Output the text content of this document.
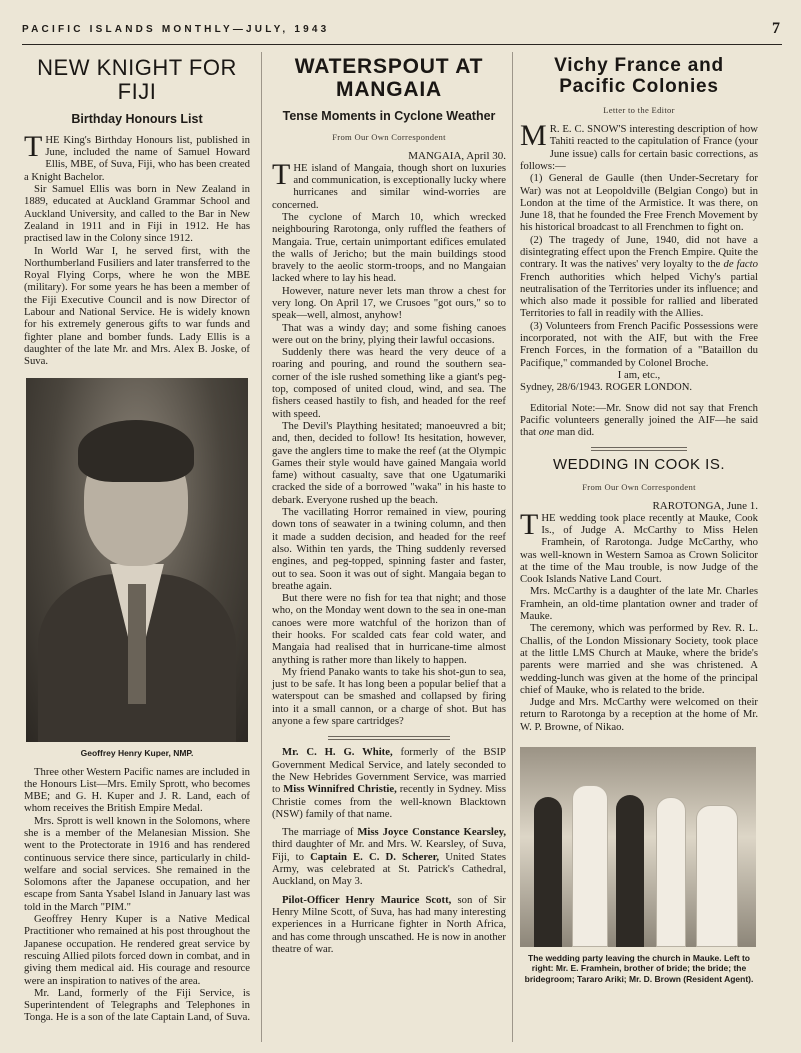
PACIFIC ISLANDS MONTHLY—JULY, 1943	7
NEW KNIGHT FOR FIJI
Birthday Honours List

THE King's Birthday Honours list, published in June, included the name of Samuel Howard Ellis, MBE, of Suva, Fiji, who has been created a Knight Bachelor.

Sir Samuel Ellis was born in New Zealand in 1889, educated at Auckland Grammar School and Auckland University, and called to the Bar in New Zealand in 1911 and in Fiji in 1912. He has practised law in the Colony since 1912.

In World War I, he served first, with the Northumberland Fusiliers and later transferred to the Royal Flying Corps, where he won the MBE (military). For some years he has been a member of the Fiji Executive Council and is now Director of Labour and National Service. He is widely known for his extremely generous gifts to war funds and fighter plane and bomber funds. Lady Ellis is a daughter of the late Mr. and Mrs. Alex B. Joske, of Suva.

Geoffrey Henry Kuper, NMP.

Three other Western Pacific names are included in the Honours List—Mrs. Emily Sprott, who becomes MBE; and G. H. Kuper and J. R. Land, each of whom receives the British Empire Medal.

Mrs. Sprott is well known in the Solomons, where she is a member of the Melanesian Mission. She went to the Protectorate in 1916 and has rendered continuous service there since, particularly in child-welfare and social services. She remained in the Solomons after the Japanese occupation, and her escape from Santa Ysabel Island in January last was told in the March "PIM."

Geoffrey Henry Kuper is a Native Medical Practitioner who remained at his post throughout the Japanese occupation. He rendered great service by rescuing Allied pilots forced down in combat, and in giving them medical aid. His courage and resource were an inspiration to natives of the area.

Mr. Land, formerly of the Fiji Service, is Superintendent of Telegraphs and Telephones in Tonga. He is a son of the late Captain Land, of Suva.

WATERSPOUT AT MANGAIA
Tense Moments in Cyclone Weather
From Our Own Correspondent
MANGAIA, April 30.

THE island of Mangaia, though short on luxuries and communication, is exceptionally lucky where hurricanes and similar wind-worries are concerned.

The cyclone of March 10, which wrecked neighbouring Rarotonga, only ruffled the feathers of Mangaia. True, certain unimportant edifices emulated the walls of Jericho; but the main buildings stood bravely to the aeolic storm-troops, and no Mangaian lacked where to lay his head.

However, nature never lets man throw a chest for very long. On April 17, we Crusoes "got ours," so to speak—well, almost, anyhow!

That was a windy day; and some fishing canoes were out on the briny, plying their lawful occasions.

Suddenly there was heard the very deuce of a roaring and pouring, and round the southern sea-corner of the isle rushed something like a giant's peg-top, composed of united cloud, wind, and sea. The fishers ceased hastily to fish, and headed for the reef with speed.

The Devil's Plaything hesitated; manoeuvred a bit; and, then, decided to follow! Its hesitation, however, gave the anglers time to make the reef (at the Olympic Games their style would have gained Mangaia world fame) without casualty, save that one Ugatumariki cracked the side of a borrowed "waka" in his haste to debark. Everyone rushed up the beach.

The vacillating Horror remained in view, pouring down tons of seawater in a twining column, and then it made a sudden decision, and headed for the reef also. Within ten yards, the Thing suddenly reversed engines, and peg-topped, spinning faster and faster, out to sea. Soon it was out of sight. Mangaia began to breathe again.

But there were no fish for tea that night; and those who, on the Monday went down to the sea in one-man canoes were more watchful of the horizon than of their hooks. For scalded cats fear cold water, and Mangaia had realised that in hurricane-time almost anything is rather more than likely to happen.

My friend Panako wants to take his shot-gun to sea, just to be safe. It has long been a popular belief that a waterspout can be smashed and collapsed by firing into it a small cannon, or a charge of shot. But has anyone a few spare cartridges?

Mr. C. H. G. White, formerly of the BSIP Government Medical Service, and lately seconded to the New Hebrides Government Service, was married to Miss Winnifred Christie, recently in Sydney. Miss Christie comes from the well-known Blacktown (NSW) family of that name.

The marriage of Miss Joyce Constance Kearsley, third daughter of Mr. and Mrs. W. Kearsley, of Suva, Fiji, to Captain E. C. D. Scherer, United States Army, was celebrated at St. Patrick's Cathedral, Auckland, on May 3.

Pilot-Officer Henry Maurice Scott, son of Sir Henry Milne Scott, of Suva, has had many interesting experiences in a Hurricane fighter in North Africa, and has come through unscathed. He is now in another theatre of war.

Vichy France and Pacific Colonies
Letter to the Editor

M R. E. C. SNOW'S interesting description of how Tahiti reacted to the capitulation of France (your June issue) calls for certain basic corrections, as follows:—

(1) General de Gaulle (then Under-Secretary for War) was not at Leopoldville (Belgian Congo) but in London at the time of the Armistice. It was there, on June 18, that he founded the Free French Movement by his historical broadcast to all Frenchmen to fight on.

(2) The tragedy of June, 1940, did not have a disintegrating effect upon the French Empire. Quite the contrary. It was the natives' very loyalty to the de facto French authorities which helped Vichy's partial neutralisation of the Territories under its influence; and which also made it possible for rallied and liberated Territories to fall in readily with the Allies.

(3) Volunteers from French Pacific Possessions were incorporated, not with the AIF, but with the Free French Forces, in the formation of a "Bataillon du Pacifique," commanded by Colonel Broche.

I am, etc.,
Sydney, 28/6/1943. ROGER LONDON.

Editorial Note:—Mr. Snow did not say that French Pacific volunteers generally joined the AIF—he said that one man did.

WEDDING IN COOK IS.
From Our Own Correspondent
RAROTONGA, June 1.

THE wedding took place recently at Mauke, Cook Is., of Judge A. McCarthy to Miss Helen Framhein, of Rarotonga. Judge McCarthy, who was well-known in Western Samoa as Crown Solicitor at the time of the Mau trouble, is now Judge of the Cook Islands Native Land Court.

Mrs. McCarthy is a daughter of the late Mr. Charles Framhein, an old-time plantation owner and trader of Mauke.

The ceremony, which was performed by Rev. R. L. Challis, of the London Missionary Society, took place at the little LMS Church at Mauke, where the bride's parents were married and she was christened. A wedding-lunch was given at the home of the principal chief of Mauke, who is related to the bride.

Judge and Mrs. McCarthy were welcomed on their return to Rarotonga by a reception at the home of Mr. W. P. Browne, of Nikao.

The wedding party leaving the church in Mauke. Left to right: Mr. E. Framhein, brother of bride; the bride; the bridegroom; Tararo Ariki; Mr. D. Brown (Resident Agent).
